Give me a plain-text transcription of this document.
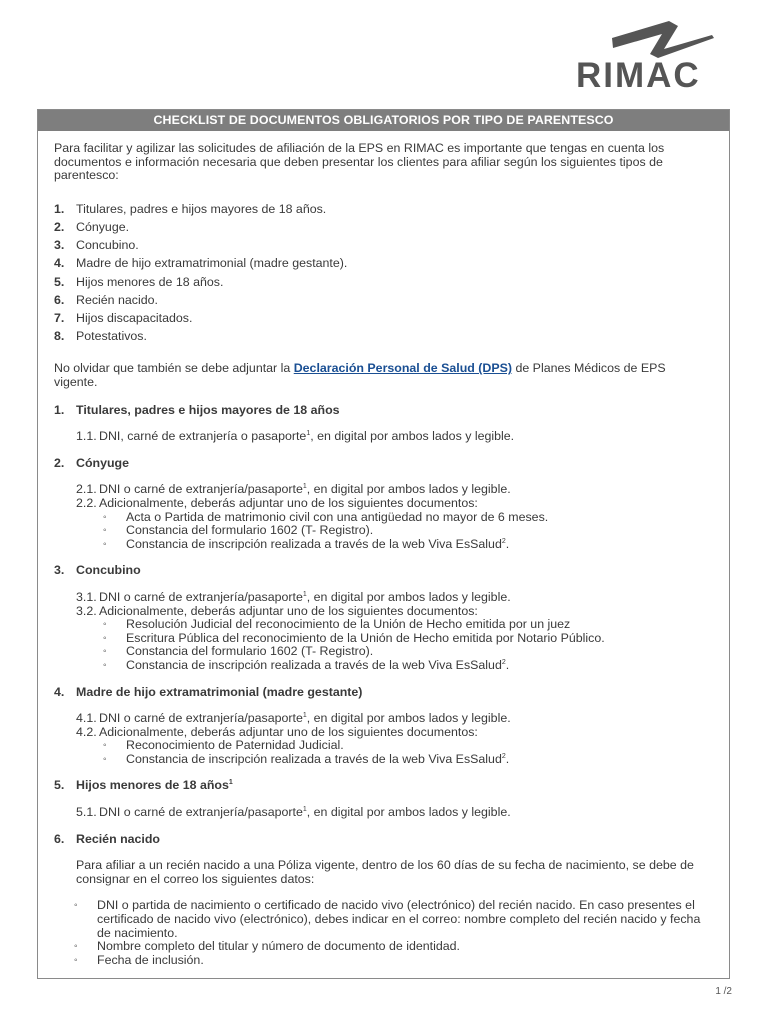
RIMAC
CHECKLIST DE DOCUMENTOS OBLIGATORIOS POR TIPO DE PARENTESCO

Para facilitar y agilizar las solicitudes de afiliación de la EPS en RIMAC es importante que tengas en cuenta los documentos e información necesaria que deben presentar los clientes para afiliar según los siguientes tipos de parentesco:

1. Titulares, padres e hijos mayores de 18 años.
2. Cónyuge.
3. Concubino.
4. Madre de hijo extramatrimonial (madre gestante).
5. Hijos menores de 18 años.
6. Recién nacido.
7. Hijos discapacitados.
8. Potestativos.

No olvidar que también se debe adjuntar la Declaración Personal de Salud (DPS) de Planes Médicos de EPS vigente.

1. Titulares, padres e hijos mayores de 18 años
1.1. DNI, carné de extranjería o pasaporte$^1$, en digital por ambos lados y legible.
2. Cónyuge
2.1. DNI o carné de extranjería/pasaporte$^1$, en digital por ambos lados y legible.
2.2. Adicionalmente, deberás adjuntar uno de los siguientes documentos:
◦	Acta o Partida de matrimonio civil con una antigüedad no mayor de 6 meses.
◦	Constancia del formulario 1602 (T- Registro).
◦	Constancia de inscripción realizada a través de la web Viva EsSalud$^2$.
3. Concubino
3.1. DNI o carné de extranjería/pasaporte$^1$, en digital por ambos lados y legible.
3.2. Adicionalmente, deberás adjuntar uno de los siguientes documentos:
◦	Resolución Judicial del reconocimiento de la Unión de Hecho emitida por un juez
◦	Escritura Pública del reconocimiento de la Unión de Hecho emitida por Notario Público.
◦	Constancia del formulario 1602 (T- Registro).
◦	Constancia de inscripción realizada a través de la web Viva EsSalud$^2$.
4. Madre de hijo extramatrimonial (madre gestante)
4.1. DNI o carné de extranjería/pasaporte$^1$, en digital por ambos lados y legible.
4.2. Adicionalmente, deberás adjuntar uno de los siguientes documentos:
◦	Reconocimiento de Paternidad Judicial.
◦	Constancia de inscripción realizada a través de la web Viva EsSalud$^2$.
5. Hijos menores de 18 años$^1$
5.1. DNI o carné de extranjería/pasaporte$^1$, en digital por ambos lados y legible.
6. Recién nacido

Para afiliar a un recién nacido a una Póliza vigente, dentro de los 60 días de su fecha de nacimiento, se debe de consignar en el correo los siguientes datos:

◦	DNI o partida de nacimiento o certificado de nacido vivo (electrónico) del recién nacido. En caso presentes el certificado de nacido vivo (electrónico), debes indicar en el correo: nombre completo del recién nacido y fecha de nacimiento.
◦	Nombre completo del titular y número de documento de identidad.
◦	Fecha de inclusión.
1 /2
